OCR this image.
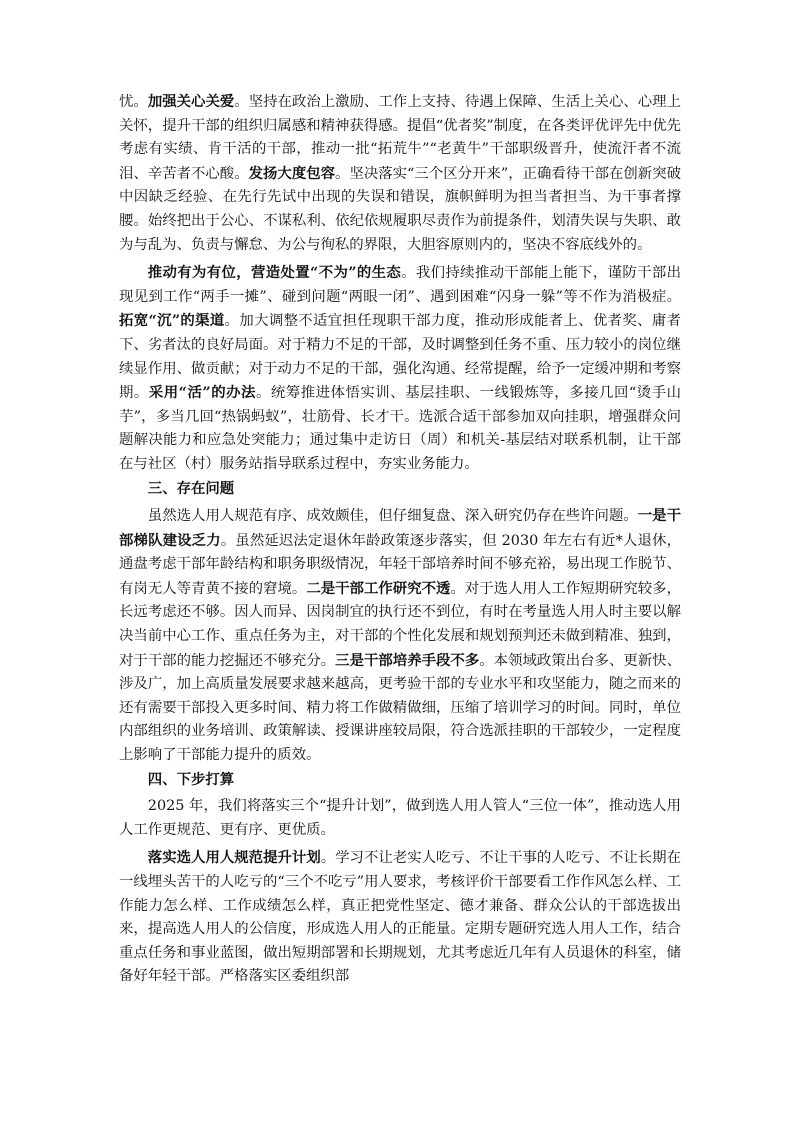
忧。加强关心关爱。坚持在政治上激励、工作上支持、待遇上保障、生活上关心、心理上关怀，提升干部的组织归属感和精神获得感。提倡“优者奖”制度，在各类评优评先中优先考虑有实绩、肯干活的干部，推动一批“拓荒牛”“老黄牛”干部职级晋升，使流汗者不流泪、辛苦者不心酸。发扬大度包容。坚决落实“三个区分开来”，正确看待干部在创新突破中因缺乏经验、在先行先试中出现的失误和错误，旗帜鲜明为担当者担当、为干事者撑腰。始终把出于公心、不谋私利、依纪依规履职尽责作为前提条件，划清失误与失职、敢为与乱为、负责与懈怠、为公与徇私的界限，大胆容原则内的，坚决不容底线外的。

推动有为有位，营造处置“不为”的生态。我们持续推动干部能上能下，谨防干部出现见到工作“两手一摊”、碰到问题“两眼一闭”、遇到困难“闪身一躲”等不作为消极症。拓宽“沉”的渠道。加大调整不适宜担任现职干部力度，推动形成能者上、优者奖、庸者下、劣者汰的良好局面。对于精力不足的干部，及时调整到任务不重、压力较小的岗位继续显作用、做贡献；对于动力不足的干部，强化沟通、经常提醒，给予一定缓冲期和考察期。采用“活”的办法。统筹推进体悟实训、基层挂职、一线锻炼等，多接几回“烫手山芋”，多当几回“热锅蚂蚁”，壮筋骨、长才干。选派合适干部参加双向挂职，增强群众问题解决能力和应急处突能力；通过集中走访日（周）和机关-基层结对联系机制，让干部在与社区（村）服务站指导联系过程中，夯实业务能力。

三、存在问题

虽然选人用人规范有序、成效颇佳，但仔细复盘、深入研究仍存在些许问题。一是干部梯队建设乏力。虽然延迟法定退休年龄政策逐步落实，但 2030 年左右有近*人退休，通盘考虑干部年龄结构和职务职级情况，年轻干部培养时间不够充裕，易出现工作脱节、有岗无人等青黄不接的窘境。二是干部工作研究不透。对于选人用人工作短期研究较多，长远考虑还不够。因人而异、因岗制宜的执行还不到位，有时在考量选人用人时主要以解决当前中心工作、重点任务为主，对干部的个性化发展和规划预判还未做到精准、独到，对于干部的能力挖掘还不够充分。三是干部培养手段不多。本领域政策出台多、更新快、涉及广，加上高质量发展要求越来越高，更考验干部的专业水平和攻坚能力，随之而来的还有需要干部投入更多时间、精力将工作做精做细，压缩了培训学习的时间。同时，单位内部组织的业务培训、政策解读、授课讲座较局限，符合选派挂职的干部较少，一定程度上影响了干部能力提升的质效。

四、下步打算

2025 年，我们将落实三个“提升计划”，做到选人用人管人“三位一体”，推动选人用人工作更规范、更有序、更优质。

落实选人用人规范提升计划。学习不让老实人吃亏、不让干事的人吃亏、不让长期在一线埋头苦干的人吃亏的“三个不吃亏”用人要求，考核评价干部要看工作作风怎么样、工作能力怎么样、工作成绩怎么样，真正把党性坚定、德才兼备、群众公认的干部选拔出来，提高选人用人的公信度，形成选人用人的正能量。定期专题研究选人用人工作，结合重点任务和事业蓝图，做出短期部署和长期规划，尤其考虑近几年有人员退休的科室，储备好年轻干部。严格落实区委组织部
